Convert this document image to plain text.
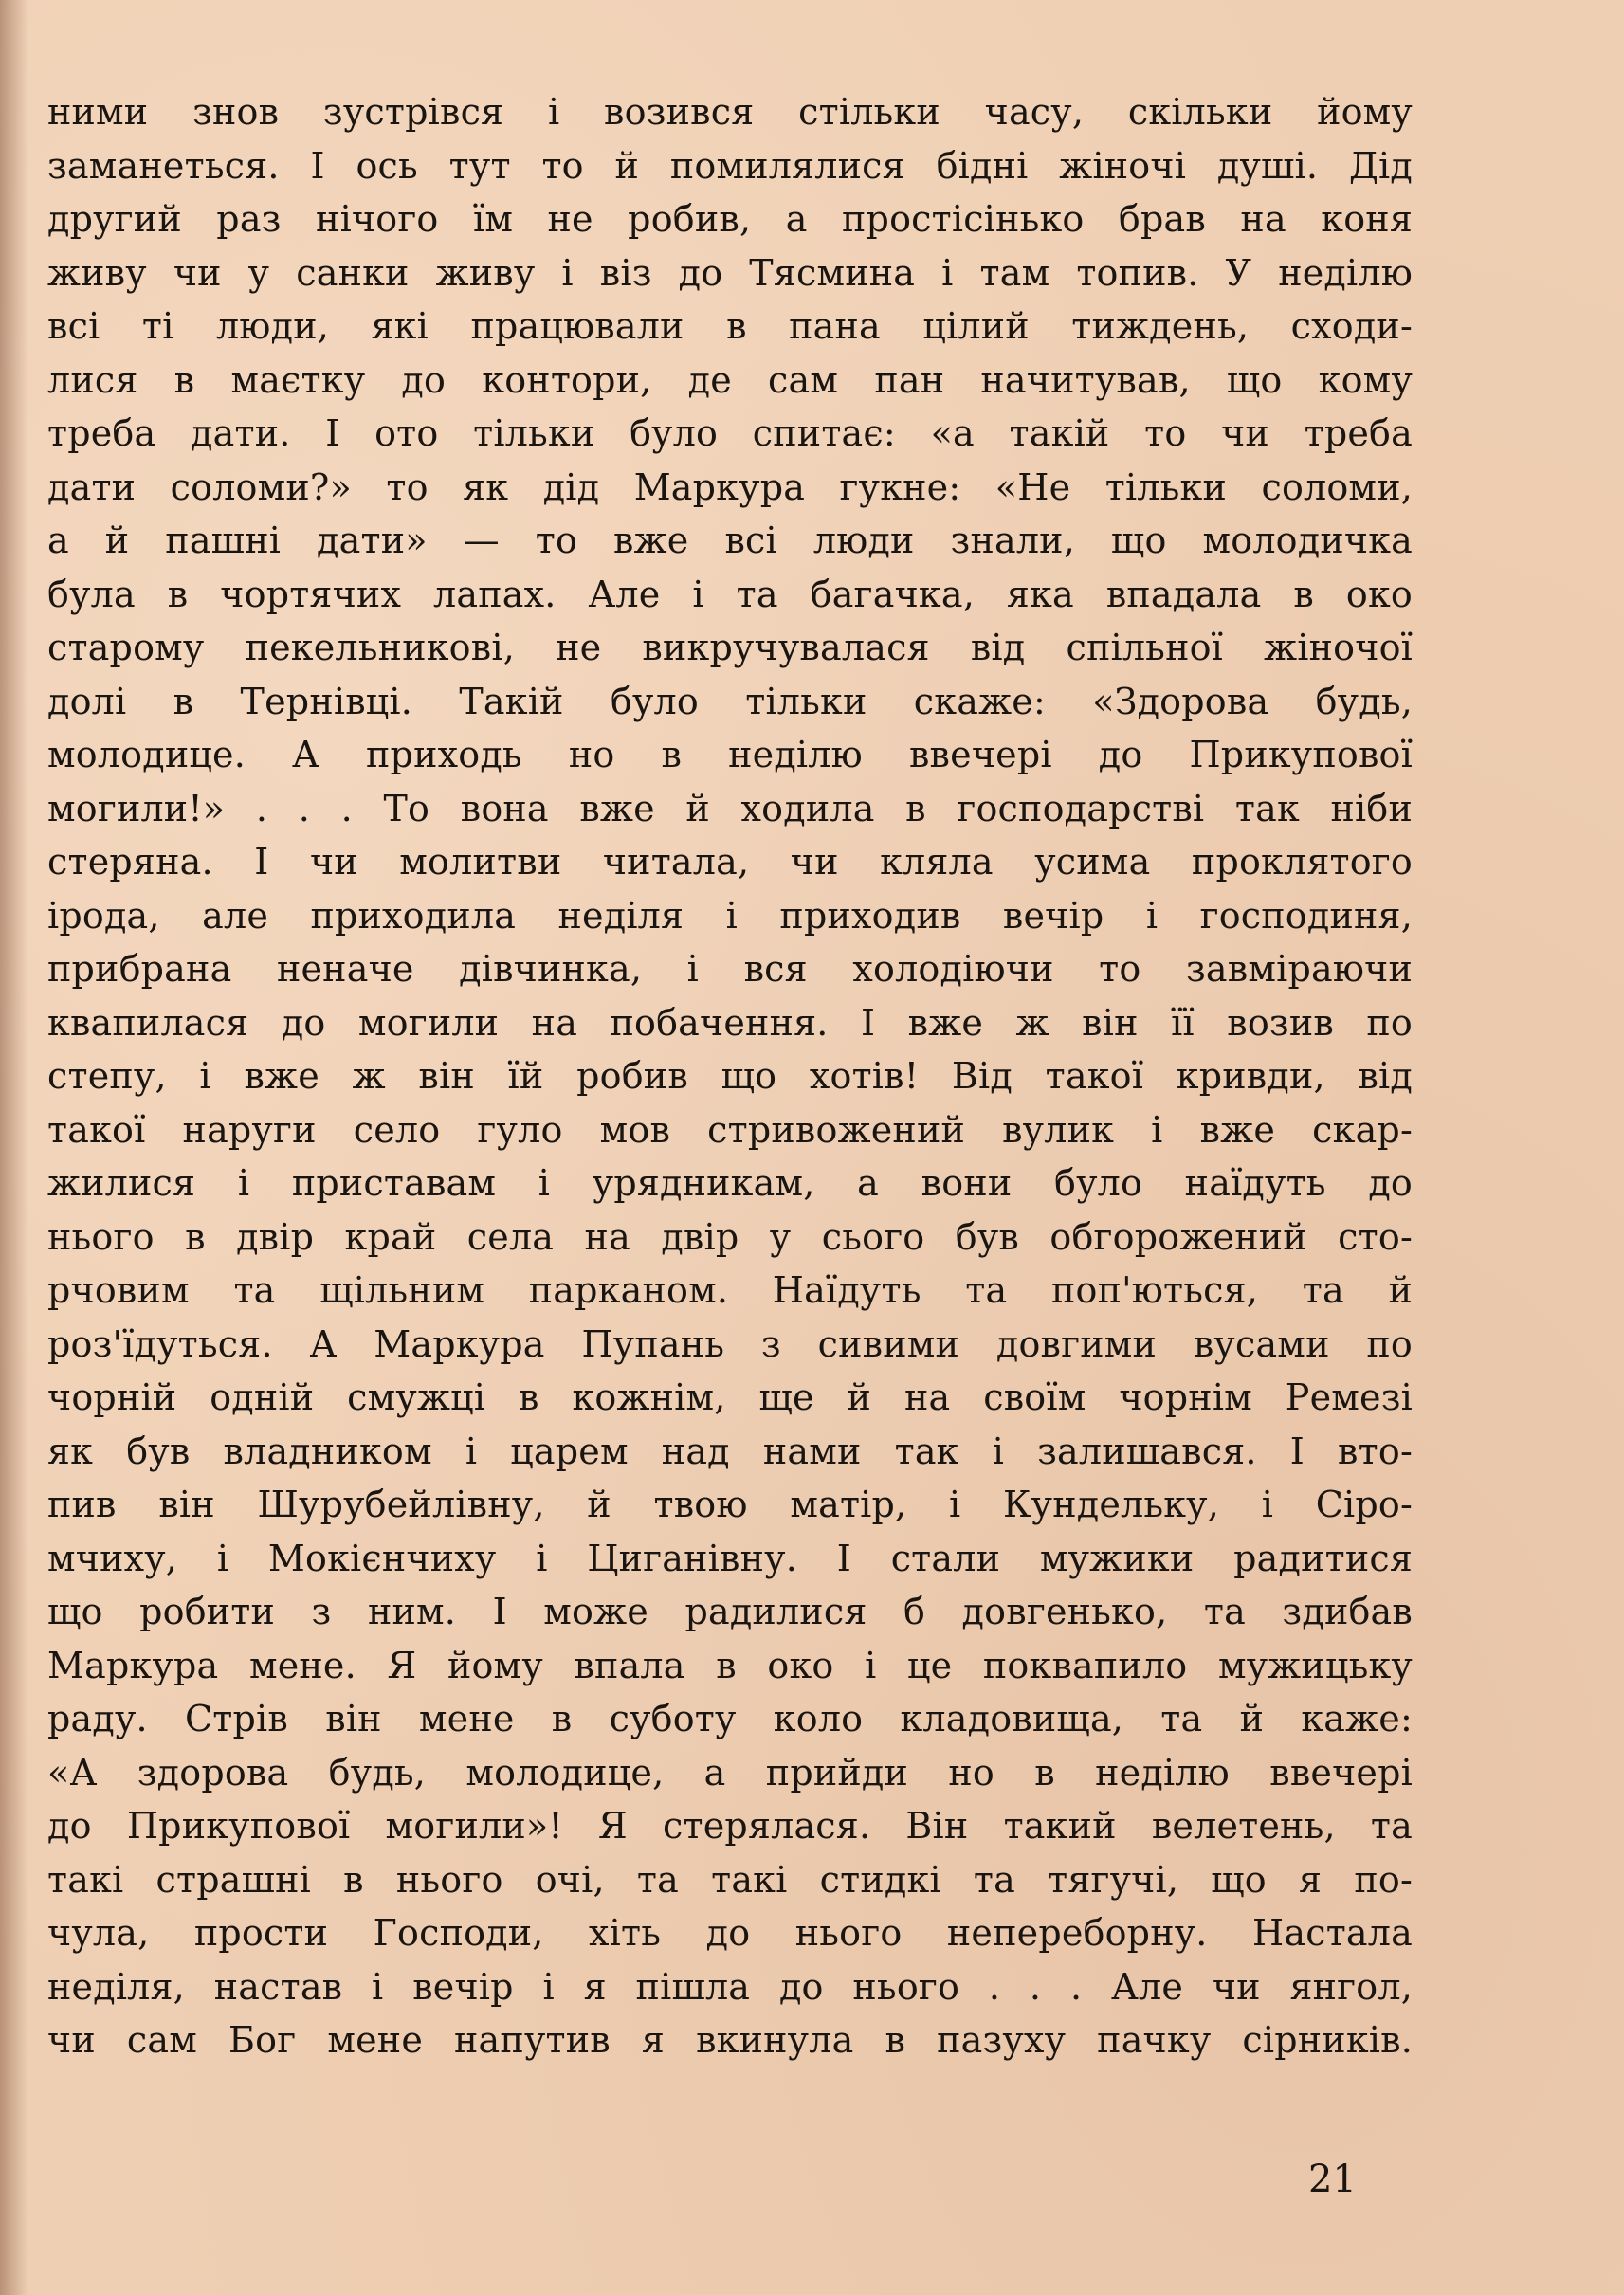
ними знов зустрівся і возився стільки часу, скільки йому
заманеться. І ось тут то й помилялися бідні жіночі душі. Дід
другий раз нічого їм не робив, а простісінько брав на коня
живу чи у санки живу і віз до Тясмина і там топив. У неділю
всі ті люди, які працювали в пана цілий тиждень, сходи-
лися в маєтку до контори, де сам пан начитував, що кому
треба дати. І ото тільки було спитає: «а такій то чи треба
дати соломи?» то як дід Маркура гукне: «Не тільки соломи,
а й пашні дати» — то вже всі люди знали, що молодичка
була в чортячих лапах. Але і та багачка, яка впадала в око
старому пекельникові, не викручувалася від спільної жіночої
долі в Тернівці. Такій було тільки скаже: «Здорова будь,
молодице. А приходь но в неділю ввечері до Прикупової
могили!» . . . То вона вже й ходила в господарстві так ніби
стеряна. І чи молитви читала, чи кляла усима проклятого
ірода, але приходила неділя і приходив вечір і господиня,
прибрана неначе дівчинка, і вся холодіючи то завміраючи
квапилася до могили на побачення. І вже ж він її возив по
степу, і вже ж він їй робив що хотів! Від такої кривди, від
такої наруги село гуло мов стривожений вулик і вже скар-
жилися і приставам і урядникам, а вони було наїдуть до
нього в двір край села на двір у сього був обгорожений сто-
рчовим та щільним парканом. Наїдуть та поп'ються, та й
роз'їдуться. А Маркура Пупань з сивими довгими вусами по
чорній одній смужці в кожнім, ще й на своїм чорнім Ремезі
як був владником і царем над нами так і залишався. І вто-
пив він Шурубейлівну, й твою матір, і Кундельку, і Сіро-
мчиху, і Мокієнчиху і Циганівну. І стали мужики радитися
що робити з ним. І може радилися б довгенько, та здибав
Маркура мене. Я йому впала в око і це поквапило мужицьку
раду. Стрів він мене в суботу коло кладовища, та й каже:
«А здорова будь, молодице, а прийди но в неділю ввечері
до Прикупової могили»! Я стерялася. Він такий велетень, та
такі страшні в нього очі, та такі стидкі та тягучі, що я по-
чула, прости Господи, хіть до нього непереборну. Настала
неділя, настав і вечір і я пішла до нього . . . Але чи янгол,
чи сам Бог мене напутив я вкинула в пазуху пачку сірників.
21
